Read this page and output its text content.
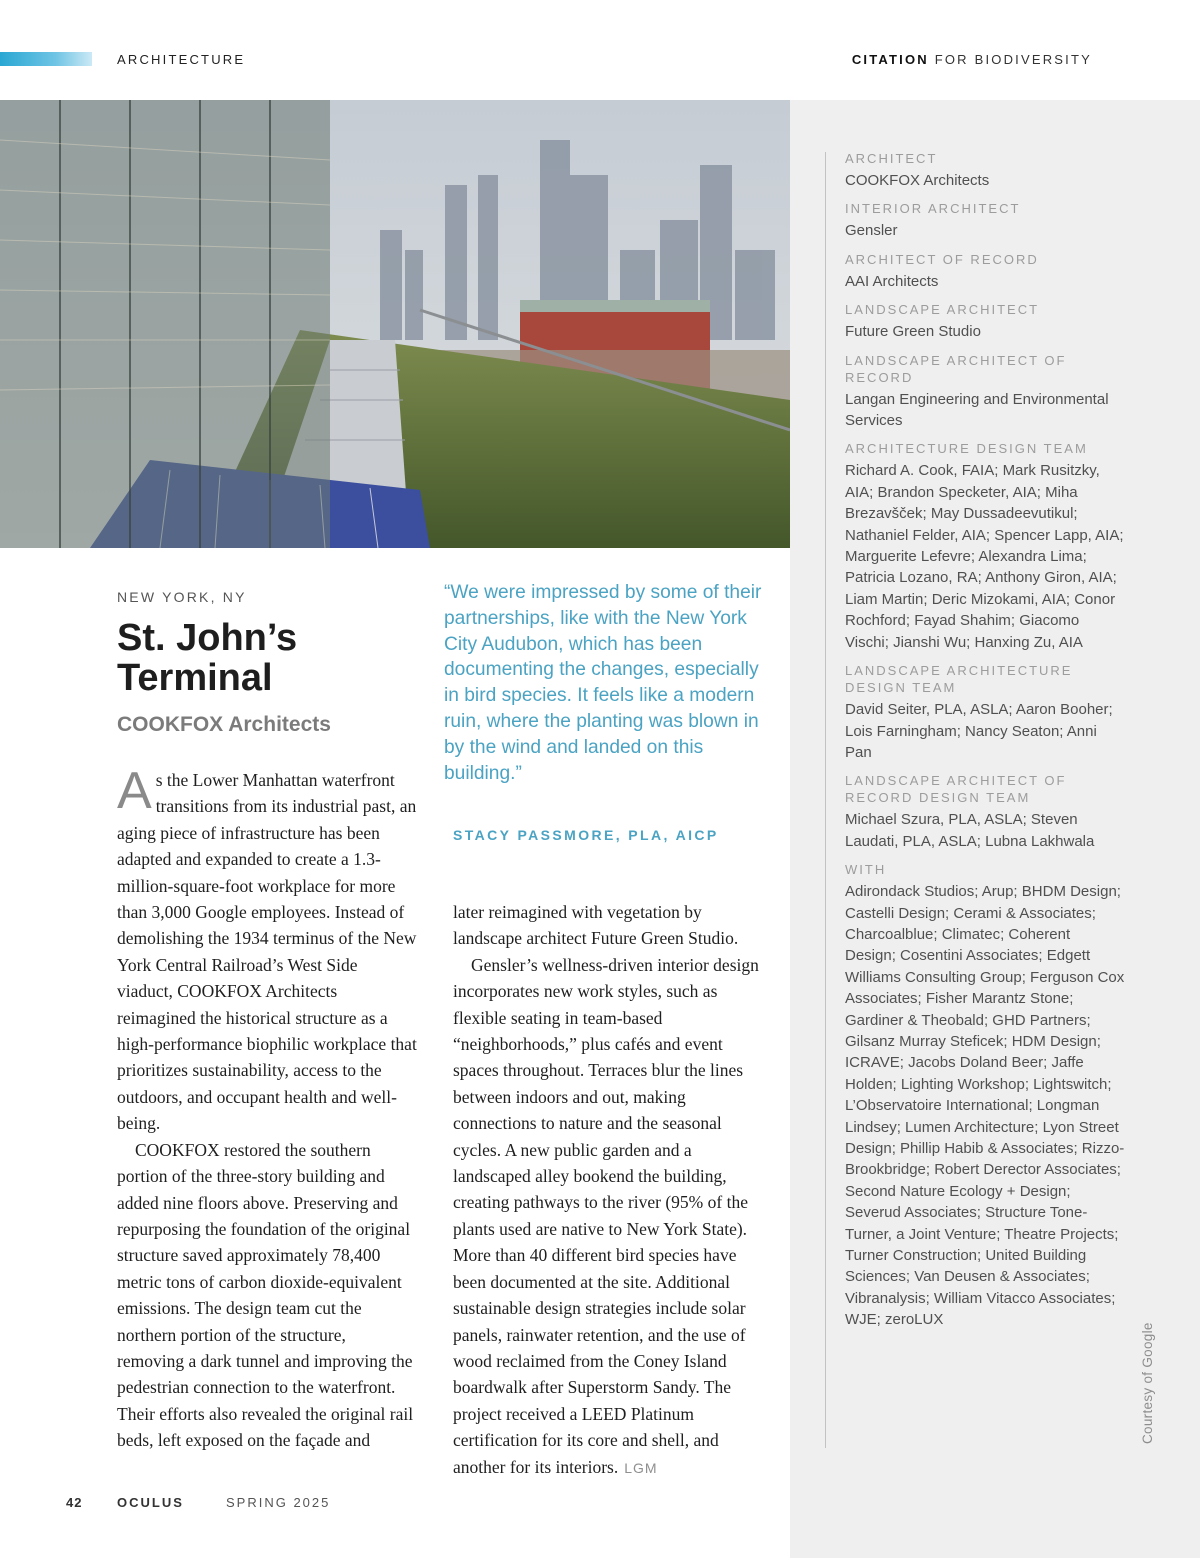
ARCHITECTURE	CITATION FOR BIODIVERSITY
NEW YORK, NY
St. John’s Terminal
COOKFOX Architects

As the Lower Manhattan waterfront transitions from its industrial past, an aging piece of infrastructure has been adapted and expanded to create a 1.3-million-square-foot workplace for more than 3,000 Google employees. Instead of demolishing the 1934 terminus of the New York Central Railroad’s West Side viaduct, COOKFOX Architects reimagined the historical structure as a high-performance biophilic workplace that prioritizes sustainability, access to the outdoors, and occupant health and well-being.

COOKFOX restored the southern portion of the three-story building and added nine floors above. Preserving and repurposing the foundation of the original structure saved approximately 78,400 metric tons of carbon dioxide-equivalent emissions. The design team cut the northern portion of the structure, removing a dark tunnel and improving the pedestrian connection to the waterfront. Their efforts also revealed the original rail beds, left exposed on the façade and

“We were impressed by some of their partnerships, like with the New York City Audubon, which has been documenting the changes, especially in bird species. It feels like a modern ruin, where the planting was blown in by the wind and landed on this building.”
STACY PASSMORE, PLA, AICP

later reimagined with vegetation by landscape architect Future Green Studio.

Gensler’s wellness-driven interior design incorporates new work styles, such as flexible seating in team-based “neighborhoods,” plus cafés and event spaces throughout. Terraces blur the lines between indoors and out, making connections to nature and the seasonal cycles. A new public garden and a landscaped alley bookend the building, creating pathways to the river (95% of the plants used are native to New York State). More than 40 different bird species have been documented at the site. Additional sustainable design strategies include solar panels, rainwater retention, and the use of wood reclaimed from the Coney Island boardwalk after Superstorm Sandy. The project received a LEED Platinum certification for its core and shell, and another for its interiors. LGM

ARCHITECT
COOKFOX Architects
INTERIOR ARCHITECT
Gensler
ARCHITECT OF RECORD
AAI Architects
LANDSCAPE ARCHITECT
Future Green Studio
LANDSCAPE ARCHITECT OF RECORD
Langan Engineering and Environmental Services
ARCHITECTURE DESIGN TEAM
Richard A. Cook, FAIA; Mark Rusitzky, AIA; Brandon Specketer, AIA; Miha Brezavšček; May Dussadeevutikul; Nathaniel Felder, AIA; Spencer Lapp, AIA; Marguerite Lefevre; Alexandra Lima; Patricia Lozano, RA; Anthony Giron, AIA; Liam Martin; Deric Mizokami, AIA; Conor Rochford; Fayad Shahim; Giacomo Vischi; Jianshi Wu; Hanxing Zu, AIA
LANDSCAPE ARCHITECTURE DESIGN TEAM
David Seiter, PLA, ASLA; Aaron Booher; Lois Farningham; Nancy Seaton; Anni Pan
LANDSCAPE ARCHITECT OF RECORD DESIGN TEAM
Michael Szura, PLA, ASLA; Steven Laudati, PLA, ASLA; Lubna Lakhwala
WITH
Adirondack Studios; Arup; BHDM Design; Castelli Design; Cerami & Associates; Charcoalblue; Climatec; Coherent Design; Cosentini Associates; Edgett Williams Consulting Group; Ferguson Cox Associates; Fisher Marantz Stone; Gardiner & Theobald; GHD Partners; Gilsanz Murray Steficek; HDM Design; ICRAVE; Jacobs Doland Beer; Jaffe Holden; Lighting Workshop; Lightswitch; L’Observatoire International; Longman Lindsey; Lumen Architecture; Lyon Street Design; Phillip Habib & Associates; Rizzo-Brookbridge; Robert Derector Associates; Second Nature Ecology + Design; Severud Associates; Structure Tone-Turner, a Joint Venture; Theatre Projects; Turner Construction; United Building Sciences; Van Deusen & Associates; Vibranalysis; William Vitacco Associates; WJE; zeroLUX
Courtesy of Google
42	OCULUS	SPRING 2025
